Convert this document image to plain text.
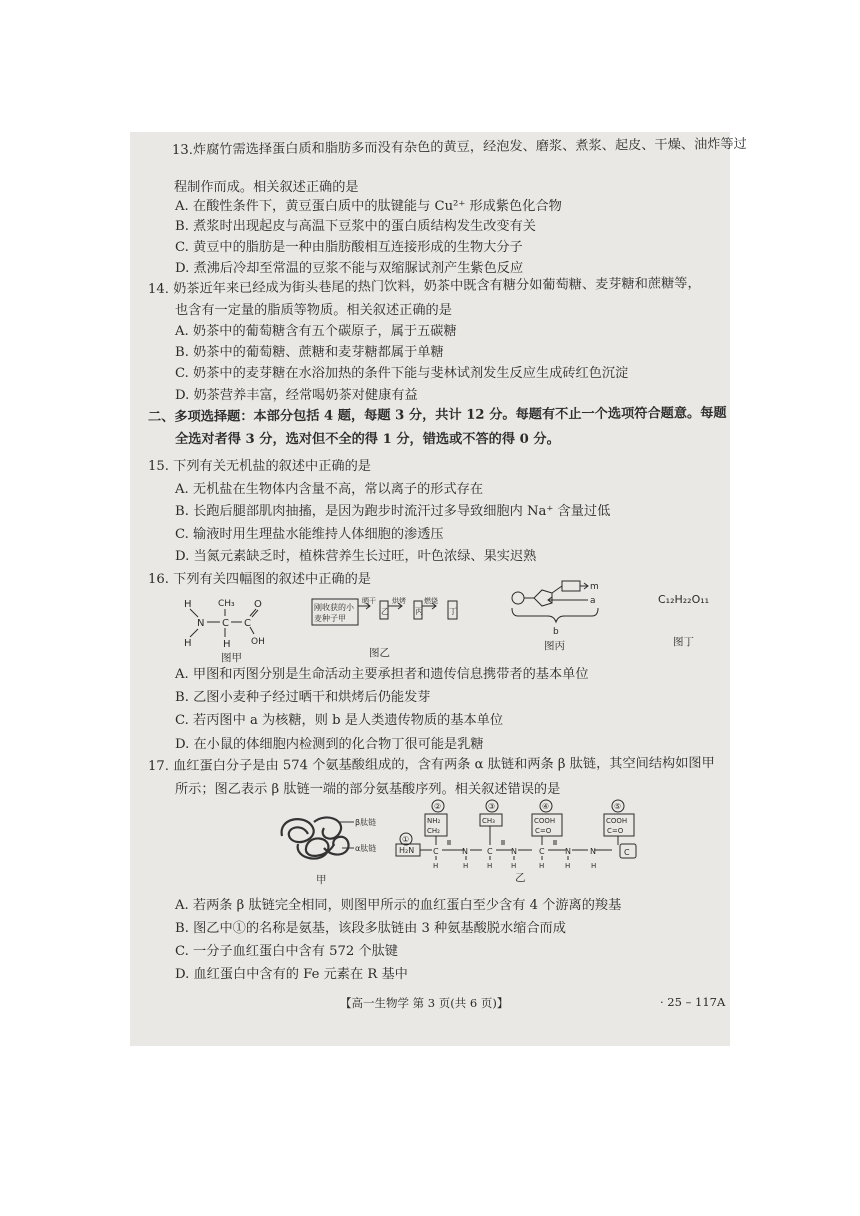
13.炸腐竹需选择蛋白质和脂肪多而没有杂色的黄豆，经泡发、磨浆、煮浆、起皮、干燥、油炸等过
程制作而成。相关叙述正确的是
A. 在酸性条件下，黄豆蛋白质中的肽键能与 Cu²⁺ 形成紫色化合物
B. 煮浆时出现起皮与高温下豆浆中的蛋白质结构发生改变有关
C. 黄豆中的脂肪是一种由脂肪酸相互连接形成的生物大分子
D. 煮沸后冷却至常温的豆浆不能与双缩脲试剂产生紫色反应
14. 奶茶近年来已经成为街头巷尾的热门饮料，奶茶中既含有糖分如葡萄糖、麦芽糖和蔗糖等，
也含有一定量的脂质等物质。相关叙述正确的是
A. 奶茶中的葡萄糖含有五个碳原子，属于五碳糖
B. 奶茶中的葡萄糖、蔗糖和麦芽糖都属于单糖
C. 奶茶中的麦芽糖在水浴加热的条件下能与斐林试剂发生反应生成砖红色沉淀
D. 奶茶营养丰富，经常喝奶茶对健康有益
二、多项选择题：本部分包括 4 题，每题 3 分，共计 12 分。每题有不止一个选项符合题意。每题
全选对者得 3 分，选对但不全的得 1 分，错选或不答的得 0 分。
15. 下列有关无机盐的叙述中正确的是
A. 无机盐在生物体内含量不高，常以离子的形式存在
B. 长跑后腿部肌肉抽搐，是因为跑步时流汗过多导致细胞内 Na⁺ 含量过低
C. 输液时用生理盐水能维持人体细胞的渗透压
D. 当氮元素缺乏时，植株营养生长过旺，叶色浓绿、果实迟熟
16. 下列有关四幅图的叙述中正确的是
H
N
H
C
CH₃
H
C
O
OH
图甲
刚收获的小
麦种子甲
晒干
乙
烘烤
丙
燃烧
丁
图乙
m
a
b
图丙
C₁₂H₂₂O₁₁
图丁
A. 甲图和丙图分别是生命活动主要承担者和遗传信息携带者的基本单位
B. 乙图小麦种子经过晒干和烘烤后仍能发芽
C. 若丙图中 a 为核糖，则 b 是人类遗传物质的基本单位
D. 在小鼠的体细胞内检测到的化合物丁很可能是乳糖
17. 血红蛋白分子是由 574 个氨基酸组成的，含有两条 α 肽链和两条 β 肽链，其空间结构如图甲
所示；图乙表示 β 肽链一端的部分氨基酸序列。相关叙述错误的是
β肽链
α肽链
甲
①
H₂N
②
NH₂
CH₂
C
H
N
H
③
CH₃
C
H
N
H
④
COOH
C=O
C
H
N
H
N
H
⑤
COOH
C=O
C
乙
A. 若两条 β 肽链完全相同，则图甲所示的血红蛋白至少含有 4 个游离的羧基
B. 图乙中①的名称是氨基，该段多肽链由 3 种氨基酸脱水缩合而成
C. 一分子血红蛋白中含有 572 个肽键
D. 血红蛋白中含有的 Fe 元素在 R 基中
【高一生物学 第 3 页(共 6 页)】	· 25 – 117A
